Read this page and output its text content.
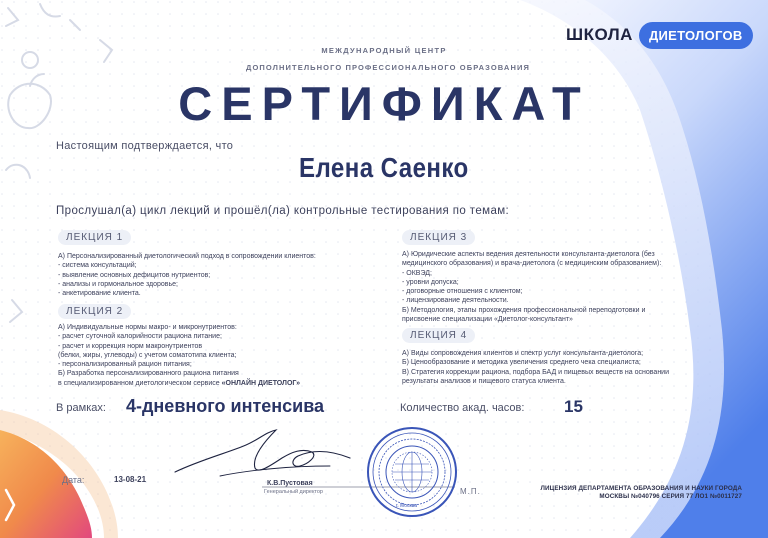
ШКОЛА	ДИЕТОЛОГОВ
МЕЖДУНАРОДНЫЙ ЦЕНТР
ДОПОЛНИТЕЛЬНОГО ПРОФЕССИОНАЛЬНОГО ОБРАЗОВАНИЯ
СЕРТИФИКАТ
Настоящим подтверждается, что
Елена Саенко
Прослушал(а) цикл лекций и прошёл(ла) контрольные тестирования по темам:
ЛЕКЦИЯ 1
А) Персонализированный диетологический подход в сопровождении клиентов:
- система консультаций;
- выявление основных дефицитов нутриентов;
- анализы и гормональное здоровье;
- анкетирование клиента.
ЛЕКЦИЯ 2
А) Индивидуальные нормы макро- и микронутриентов:
- расчет суточной калорийности рациона питание;
- расчет и коррекция норм макронутриентов
(белки, жиры, углеводы) с учетом соматотипа клиента;
- персонализированный рацион питания;
Б) Разработка персонализированного рациона питания
в специализированном диетологическом сервисе «ОНЛАЙН ДИЕТОЛОГ»
ЛЕКЦИЯ 3
А) Юридические аспекты ведения деятельности консультанта-диетолога (без
медицинского образования) и врача-диетолога (с медицинским образованием):
- ОКВЭД;
- уровни допуска;
- договорные отношения с клиентом;
- лицензирование деятельности.
Б) Методология, этапы прохождения профессиональной переподготовки и
присвоение специализации «Диетолог-консультант»
ЛЕКЦИЯ 4
А) Виды сопровождения клиентов и спектр услуг консультанта-диетолога;
Б) Ценообразование и методика увеличения среднего чека специалиста;
В) Стратегия коррекции рациона, подбора БАД и пищевых веществ на основании
результаты анализов и пищевого статуса клиента.
В рамках: 4-дневного интенсива	Количество акад. часов: 15
Дата:	13-08-21	К.В.Пустовая
Генеральный директор
г. Москва
М.П.	ЛИЦЕНЗИЯ ДЕПАРТАМЕНТА ОБРАЗОВАНИЯ И НАУКИ ГОРОДА
МОСКВЫ №040796 СЕРИЯ 77 ЛО1 №0011727
